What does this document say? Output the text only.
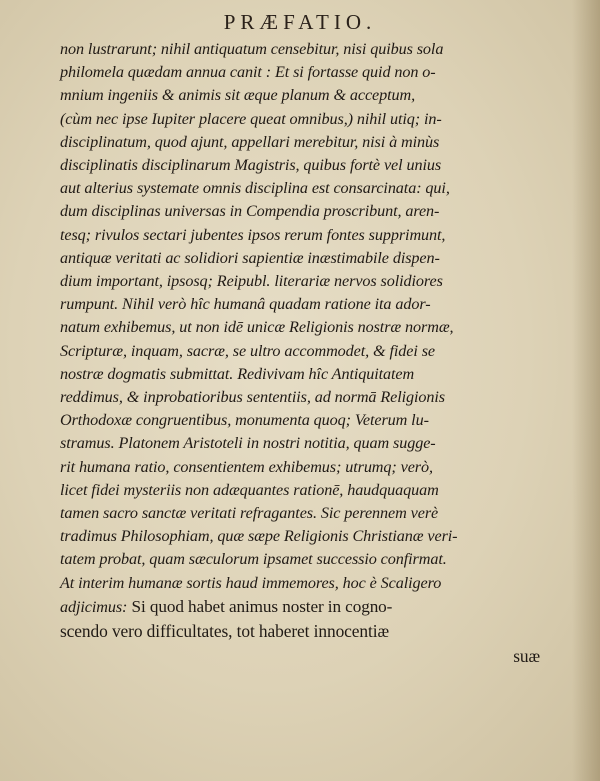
PRÆFATIO.
non lustrarunt; nihil antiquatum censebitur, nisi quibus sola
philomela quædam annua canit : Et si fortasse quid non o-
mnium ingeniis & animis sit æque planum & acceptum,
(cùm nec ipse Iupiter placere queat omnibus,) nihil utiq; in-
disciplinatum, quod ajunt, appellari merebitur, nisi à minùs
disciplinatis disciplinarum Magistris, quibus fortè vel unius
aut alterius systemate omnis disciplina est consarcinata: qui,
dum disciplinas universas in Compendia proscribunt, aren-
tesq; rivulos sectari jubentes ipsos rerum fontes supprimunt,
antiquæ veritati ac solidiori sapientiæ inæstimabile dispen-
dium important, ipsosq; Reipubl. literariæ nervos solidiores
rumpunt. Nihil verò hîc humanâ quadam ratione ita ador-
natum exhibemus, ut non idē unicæ Religionis nostræ normæ,
Scripturæ, inquam, sacræ, se ultro accommodet, & fidei se
nostræ dogmatis submittat. Redivivam hîc Antiquitatem
reddimus, & inprobatioribus sententiis, ad normā Religionis
Orthodoxæ congruentibus, monumenta quoq; Veterum lu-
stramus. Platonem Aristoteli in nostri notitia, quam sugge-
rit humana ratio, consentientem exhibemus; utrumq; verò,
licet fidei mysteriis non adæquantes rationē, haudquaquam
tamen sacro sanctæ veritati refragantes. Sic perennem verè
tradimus Philosophiam, quæ sæpe Religionis Christianæ veri-
tatem probat, quam sæculorum ipsamet successio confirmat.
At interim humanæ sortis haud immemores, hoc è Scaligero
adjicimus: Si quod habet animus noster in cogno-
scendo vero difficultates, tot haberet innocentiæ
suæ
